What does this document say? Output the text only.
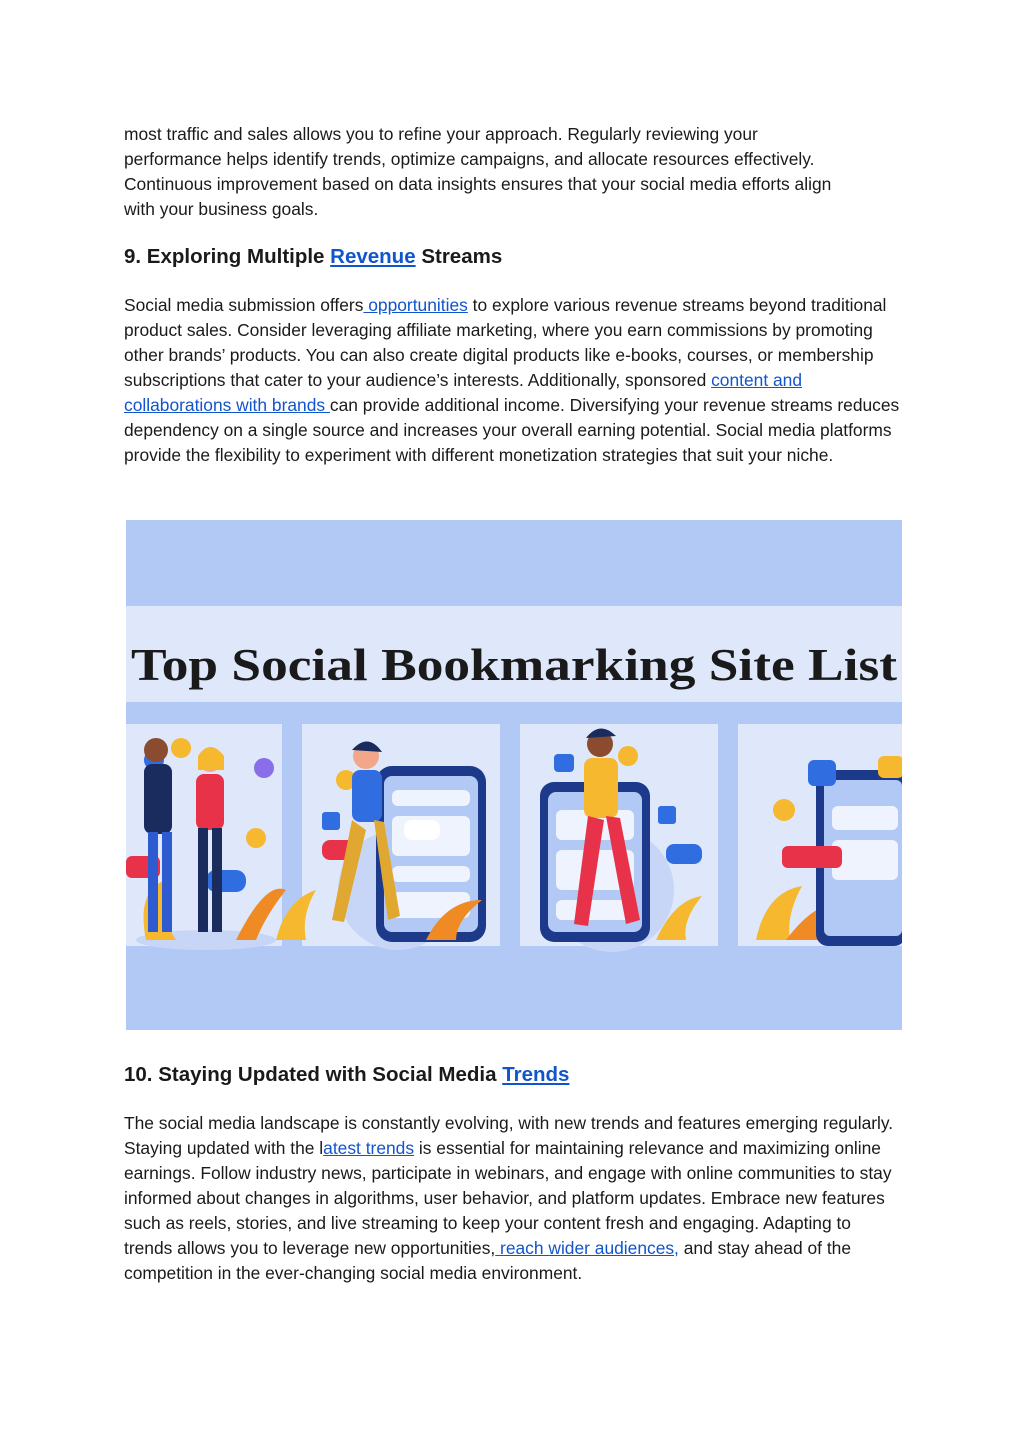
most traffic and sales allows you to refine your approach. Regularly reviewing your
performance helps identify trends, optimize campaigns, and allocate resources effectively.
Continuous improvement based on data insights ensures that your social media efforts align
with your business goals.

9. Exploring Multiple Revenue Streams

Social media submission offers opportunities to explore various revenue streams beyond traditional product sales. Consider leveraging affiliate marketing, where you earn commissions by promoting other brands’ products. You can also create digital products like e-books, courses, or membership subscriptions that cater to your audience’s interests. Additionally, sponsored content and collaborations with brands can provide additional income. Diversifying your revenue streams reduces dependency on a single source and increases your overall earning potential. Social media platforms provide the flexibility to experiment with different monetization strategies that suit your niche.

Top Social Bookmarking Site List
10. Staying Updated with Social Media Trends

The social media landscape is constantly evolving, with new trends and features emerging regularly. Staying updated with the latest trends is essential for maintaining relevance and maximizing online earnings. Follow industry news, participate in webinars, and engage with online communities to stay informed about changes in algorithms, user behavior, and platform updates. Embrace new features such as reels, stories, and live streaming to keep your content fresh and engaging. Adapting to trends allows you to leverage new opportunities, reach wider audiences, and stay ahead of the competition in the ever-changing social media environment.
